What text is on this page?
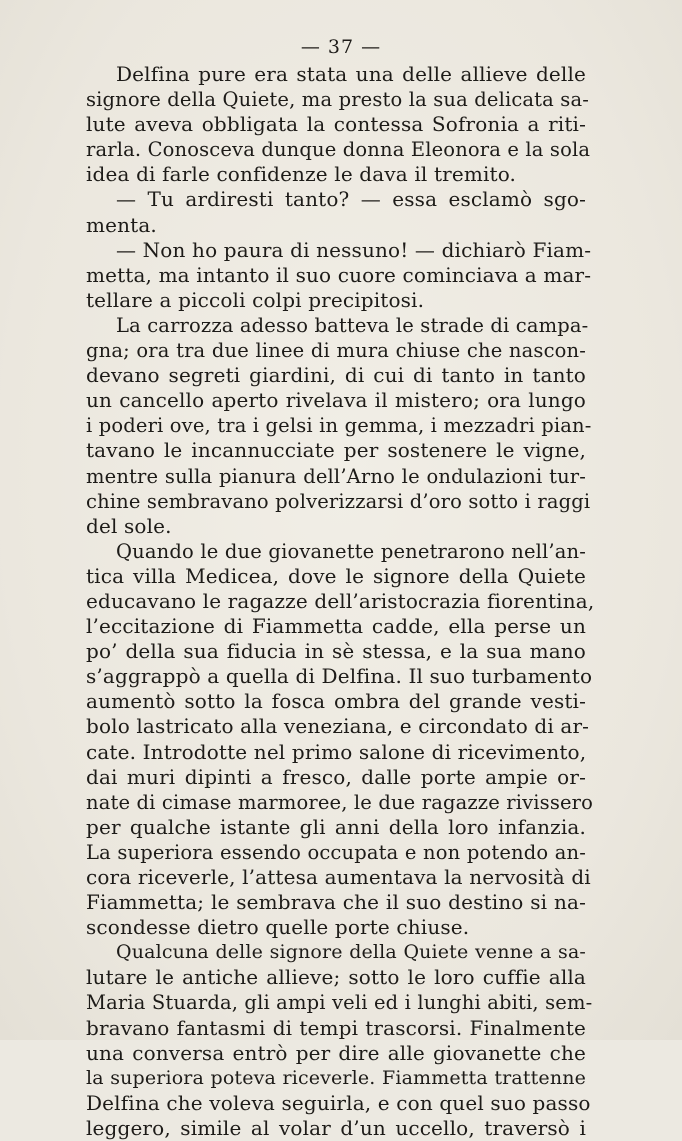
— 37 —
Delfina pure era stata una delle allieve delle
signore della Quiete, ma presto la sua delicata sa-
lute aveva obbligata la contessa Sofronia a riti-
rarla. Conosceva dunque donna Eleonora e la sola
idea di farle confidenze le dava il tremito.
— Tu ardiresti tanto? — essa esclamò sgo-
menta.
— Non ho paura di nessuno! — dichiarò Fiam-
metta, ma intanto il suo cuore cominciava a mar-
tellare a piccoli colpi precipitosi.
La carrozza adesso batteva le strade di campa-
gna; ora tra due linee di mura chiuse che nascon-
devano segreti giardini, di cui di tanto in tanto
un cancello aperto rivelava il mistero; ora lungo
i poderi ove, tra i gelsi in gemma, i mezzadri pian-
tavano le incannucciate per sostenere le vigne,
mentre sulla pianura dell’Arno le ondulazioni tur-
chine sembravano polverizzarsi d’oro sotto i raggi
del sole.
Quando le due giovanette penetrarono nell’an-
tica villa Medicea, dove le signore della Quiete
educavano le ragazze dell’aristocrazia fiorentina,
l’eccitazione di Fiammetta cadde, ella perse un
po’ della sua fiducia in sè stessa, e la sua mano
s’aggrappò a quella di Delfina. Il suo turbamento
aumentò sotto la fosca ombra del grande vesti-
bolo lastricato alla veneziana, e circondato di ar-
cate. Introdotte nel primo salone di ricevimento,
dai muri dipinti a fresco, dalle porte ampie or-
nate di cimase marmoree, le due ragazze rivissero
per qualche istante gli anni della loro infanzia.
La superiora essendo occupata e non potendo an-
cora riceverle, l’attesa aumentava la nervosità di
Fiammetta; le sembrava che il suo destino si na-
scondesse dietro quelle porte chiuse.
Qualcuna delle signore della Quiete venne a sa-
lutare le antiche allieve; sotto le loro cuffie alla
Maria Stuarda, gli ampi veli ed i lunghi abiti, sem-
bravano fantasmi di tempi trascorsi. Finalmente
una conversa entrò per dire alle giovanette che
la superiora poteva riceverle. Fiammetta trattenne
Delfina che voleva seguirla, e con quel suo passo
leggero, simile al volar d’un uccello, traversò i
